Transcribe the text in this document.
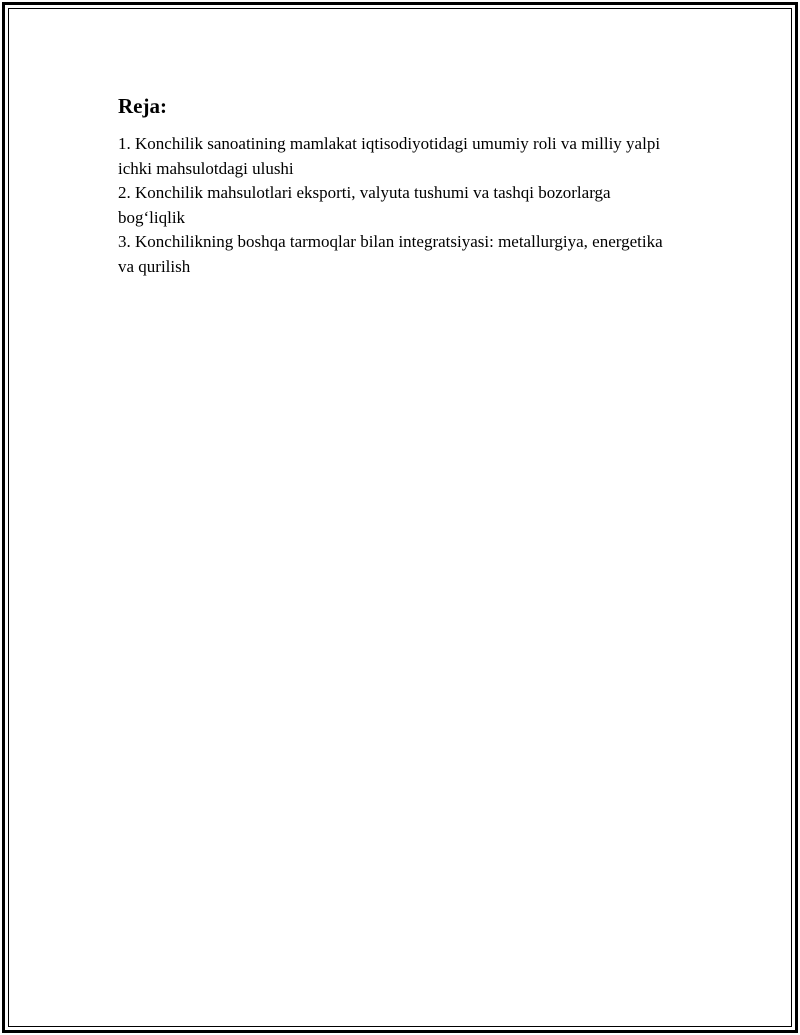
Reja:
1. Konchilik sanoatining mamlakat iqtisodiyotidagi umumiy roli va milliy yalpi ichki mahsulotdagi ulushi
2. Konchilik mahsulotlari eksporti, valyuta tushumi va tashqi bozorlarga bog‘liqlik
3. Konchilikning boshqa tarmoqlar bilan integratsiyasi: metallurgiya, energetika va qurilish
